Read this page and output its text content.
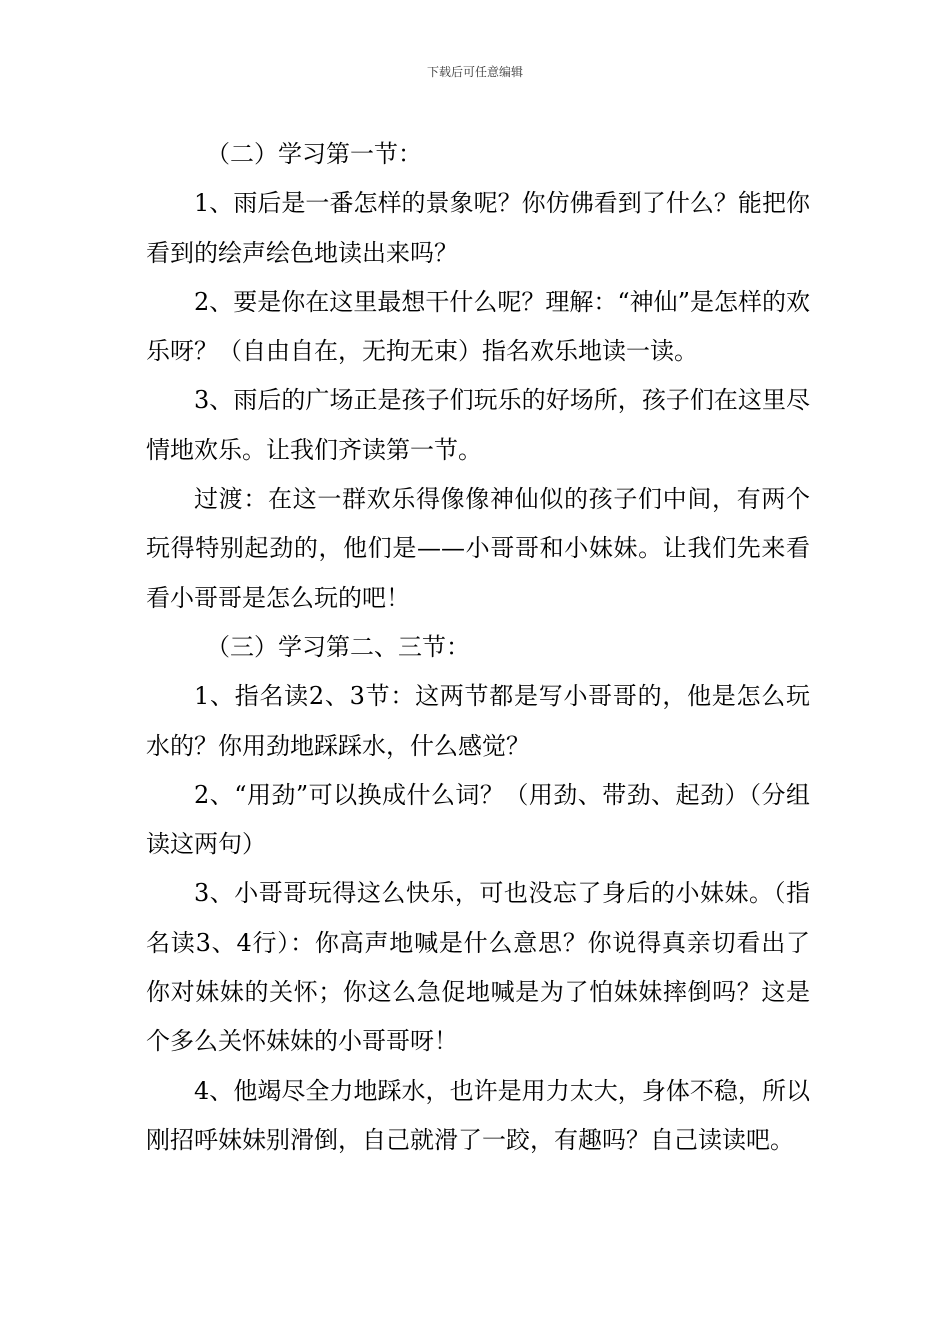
下载后可任意编辑

（二）学习第一节：

1、雨后是一番怎样的景象呢？你仿佛看到了什么？能把你看到的绘声绘色地读出来吗？

2、要是你在这里最想干什么呢？理解：“神仙”是怎样的欢乐呀？（自由自在，无拘无束）指名欢乐地读一读。

3、雨后的广场正是孩子们玩乐的好场所，孩子们在这里尽情地欢乐。让我们齐读第一节。

过渡：在这一群欢乐得像像神仙似的孩子们中间，有两个玩得特别起劲的，他们是——小哥哥和小妹妹。让我们先来看看小哥哥是怎么玩的吧！

（三）学习第二、三节：

1、指名读2、3节：这两节都是写小哥哥的，他是怎么玩水的？你用劲地踩踩水，什么感觉？

2、“用劲”可以换成什么词？（用劲、带劲、起劲）（分组读这两句）

3、小哥哥玩得这么快乐，可也没忘了身后的小妹妹。（指名读3、4行）：你高声地喊是什么意思？你说得真亲切看出了你对妹妹的关怀；你这么急促地喊是为了怕妹妹摔倒吗？这是个多么关怀妹妹的小哥哥呀！

4、他竭尽全力地踩水，也许是用力太大，身体不稳，所以刚招呼妹妹别滑倒，自己就滑了一跤，有趣吗？自己读读吧。
